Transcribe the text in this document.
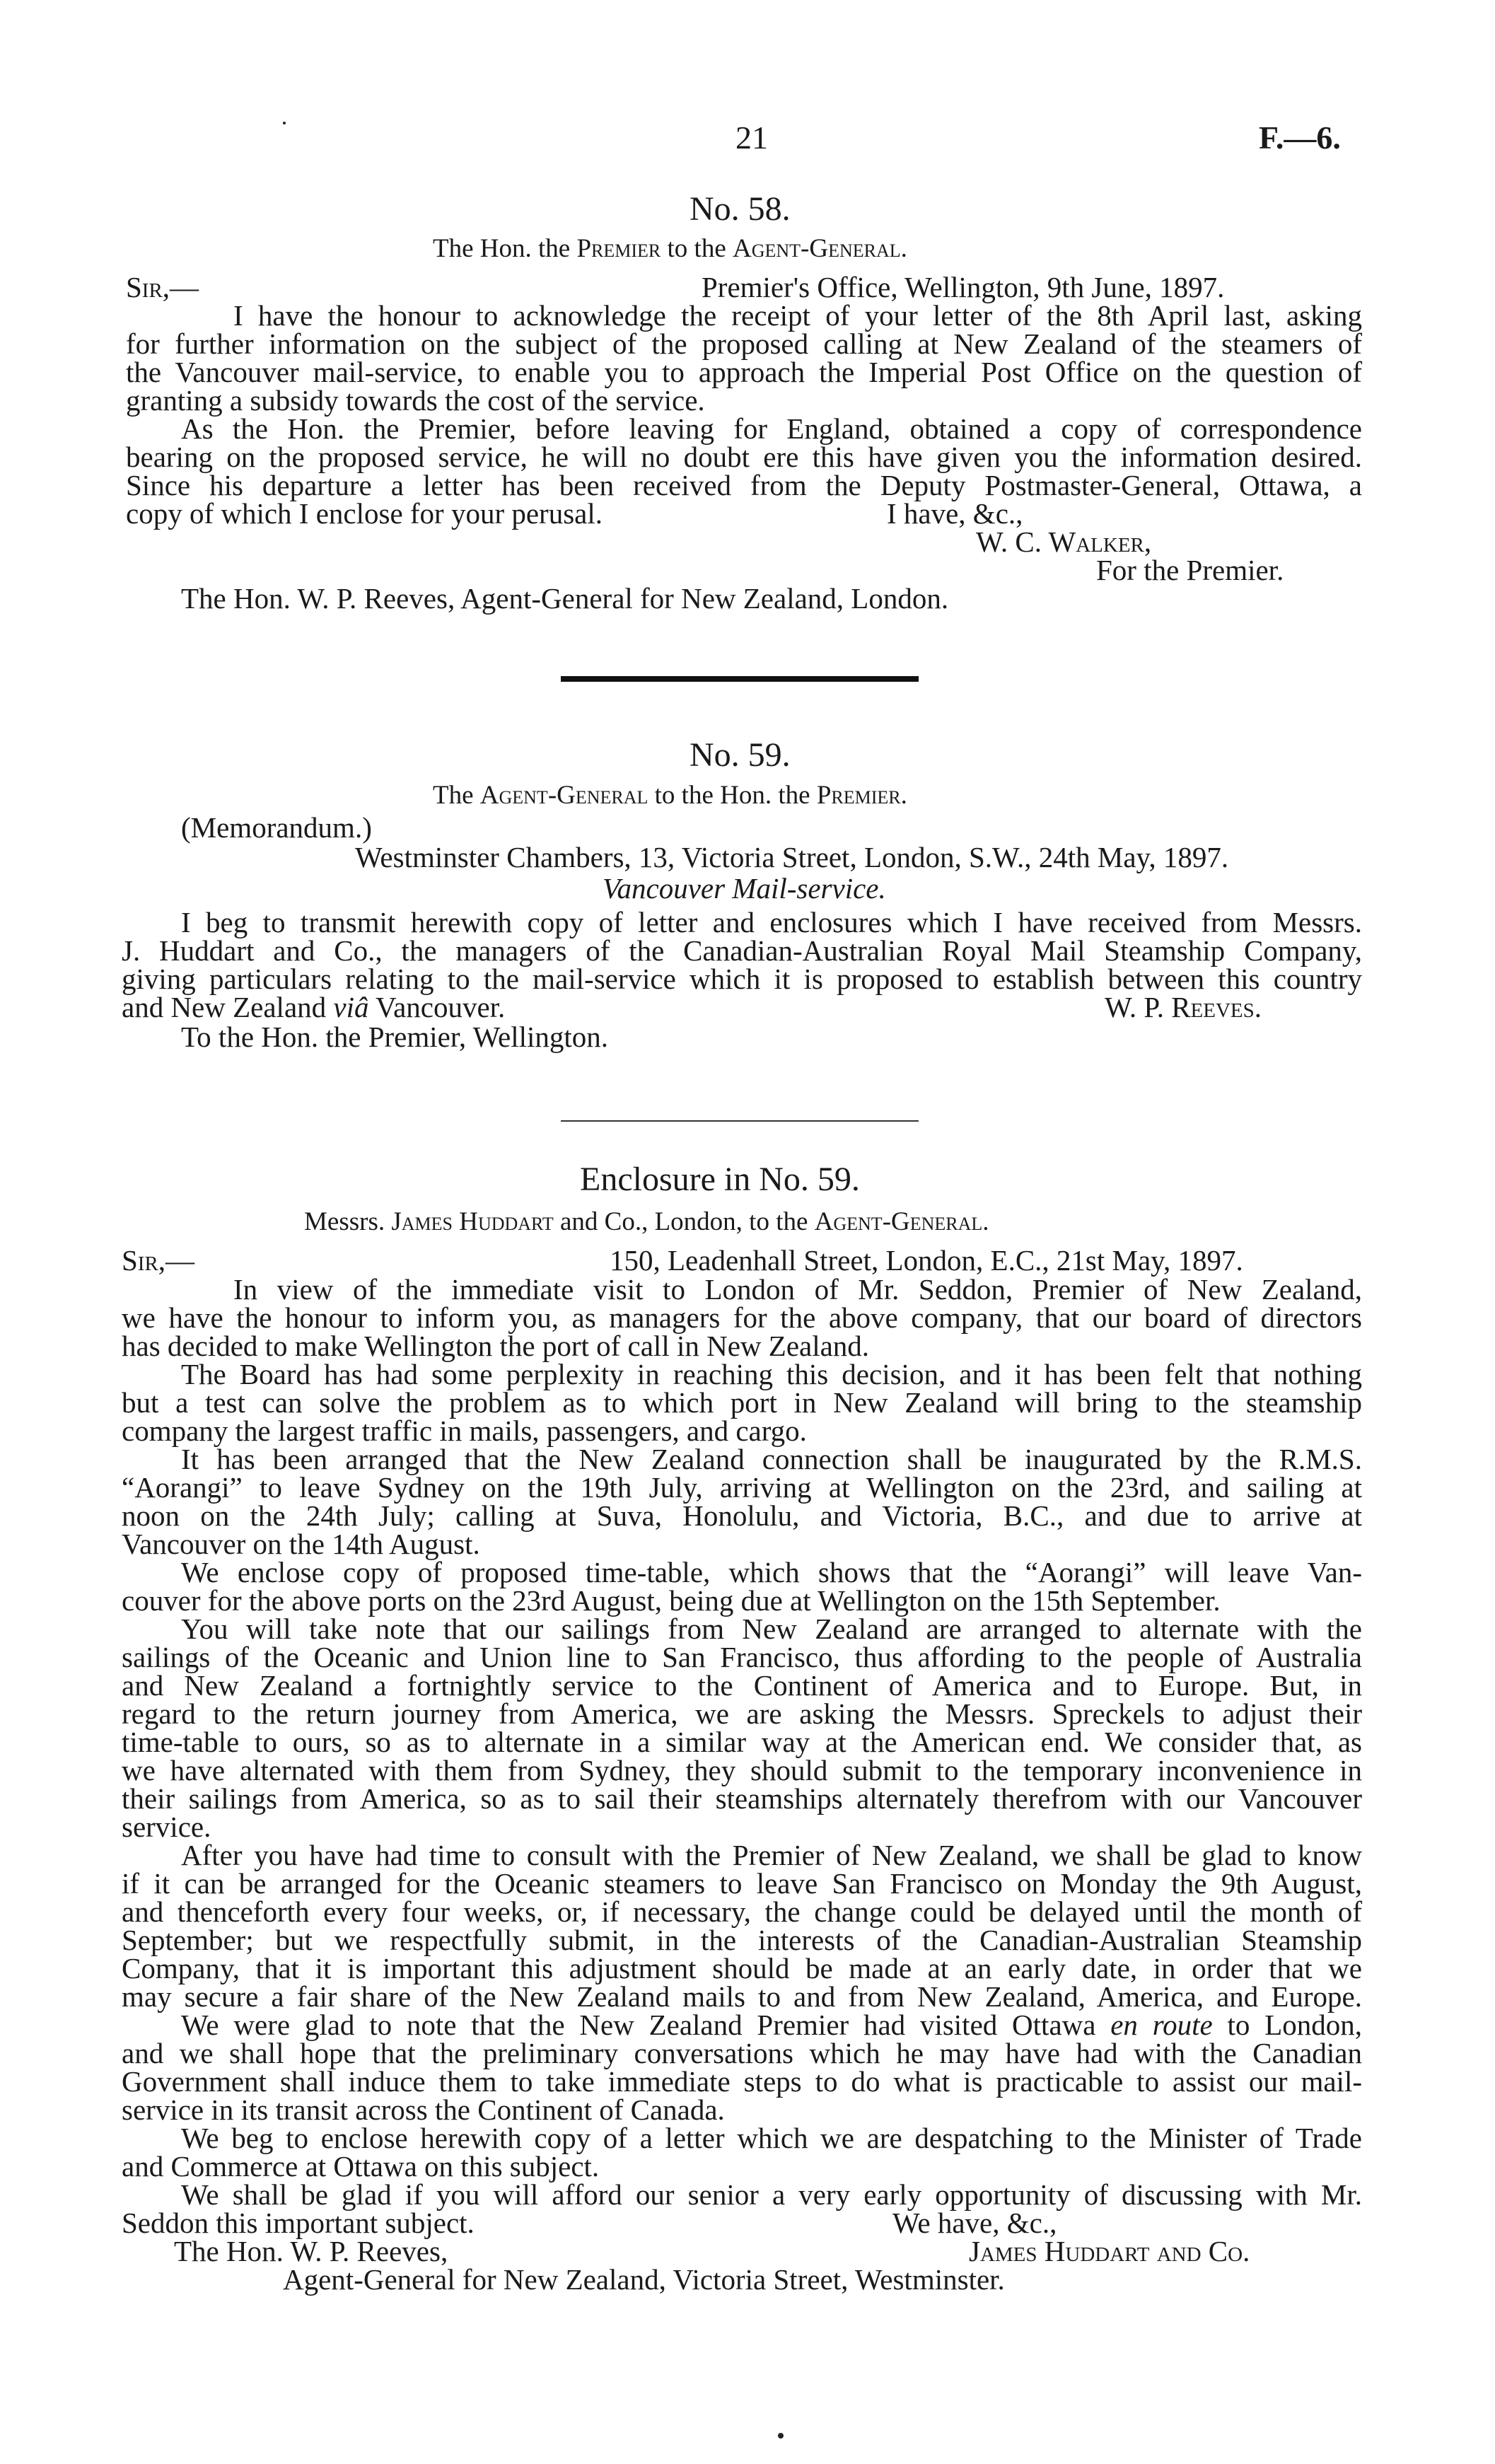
21	F.—6.
No. 58.
The Hon. the Premier to the Agent-General.
Sir,—	Premier's Office, Wellington, 9th June, 1897.
I have the honour to acknowledge the receipt of your letter of the 8th April last, asking
for further information on the subject of the proposed calling at New Zealand of the steamers of
the Vancouver mail-service, to enable you to approach the Imperial Post Office on the question of
granting a subsidy towards the cost of the service.
As the Hon. the Premier, before leaving for England, obtained a copy of correspondence
bearing on the proposed service, he will no doubt ere this have given you the information desired.
Since his departure a letter has been received from the Deputy Postmaster-General, Ottawa, a
copy of which I enclose for your perusal.	I have, &c.,
W. C. Walker,
For the Premier.
The Hon. W. P. Reeves, Agent-General for New Zealand, London.
No. 59.
The Agent-General to the Hon. the Premier.
(Memorandum.)
Westminster Chambers, 13, Victoria Street, London, S.W., 24th May, 1897.
Vancouver Mail-service.
I beg to transmit herewith copy of letter and enclosures which I have received from Messrs.
J. Huddart and Co., the managers of the Canadian-Australian Royal Mail Steamship Company,
giving particulars relating to the mail-service which it is proposed to establish between this country
and New Zealand viâ Vancouver.	W. P. Reeves.
To the Hon. the Premier, Wellington.
Enclosure in No. 59.
Messrs. James Huddart and Co., London, to the Agent-General.
Sir,—	150, Leadenhall Street, London, E.C., 21st May, 1897.
In view of the immediate visit to London of Mr. Seddon, Premier of New Zealand,
we have the honour to inform you, as managers for the above company, that our board of directors
has decided to make Wellington the port of call in New Zealand.
The Board has had some perplexity in reaching this decision, and it has been felt that nothing
but a test can solve the problem as to which port in New Zealand will bring to the steamship
company the largest traffic in mails, passengers, and cargo.
It has been arranged that the New Zealand connection shall be inaugurated by the R.M.S.
“Aorangi” to leave Sydney on the 19th July, arriving at Wellington on the 23rd, and sailing at
noon on the 24th July; calling at Suva, Honolulu, and Victoria, B.C., and due to arrive at
Vancouver on the 14th August.
We enclose copy of proposed time-table, which shows that the “Aorangi” will leave Van-
couver for the above ports on the 23rd August, being due at Wellington on the 15th September.
You will take note that our sailings from New Zealand are arranged to alternate with the
sailings of the Oceanic and Union line to San Francisco, thus affording to the people of Australia
and New Zealand a fortnightly service to the Continent of America and to Europe. But, in
regard to the return journey from America, we are asking the Messrs. Spreckels to adjust their
time-table to ours, so as to alternate in a similar way at the American end. We consider that, as
we have alternated with them from Sydney, they should submit to the temporary inconvenience in
their sailings from America, so as to sail their steamships alternately therefrom with our Vancouver
service.
After you have had time to consult with the Premier of New Zealand, we shall be glad to know
if it can be arranged for the Oceanic steamers to leave San Francisco on Monday the 9th August,
and thenceforth every four weeks, or, if necessary, the change could be delayed until the month of
September; but we respectfully submit, in the interests of the Canadian-Australian Steamship
Company, that it is important this adjustment should be made at an early date, in order that we
may secure a fair share of the New Zealand mails to and from New Zealand, America, and Europe.
We were glad to note that the New Zealand Premier had visited Ottawa en route to London,
and we shall hope that the preliminary conversations which he may have had with the Canadian
Government shall induce them to take immediate steps to do what is practicable to assist our mail-
service in its transit across the Continent of Canada.
We beg to enclose herewith copy of a letter which we are despatching to the Minister of Trade
and Commerce at Ottawa on this subject.
We shall be glad if you will afford our senior a very early opportunity of discussing with Mr.
Seddon this important subject.	We have, &c.,
The Hon. W. P. Reeves,	James Huddart and Co.
Agent-General for New Zealand, Victoria Street, Westminster.
